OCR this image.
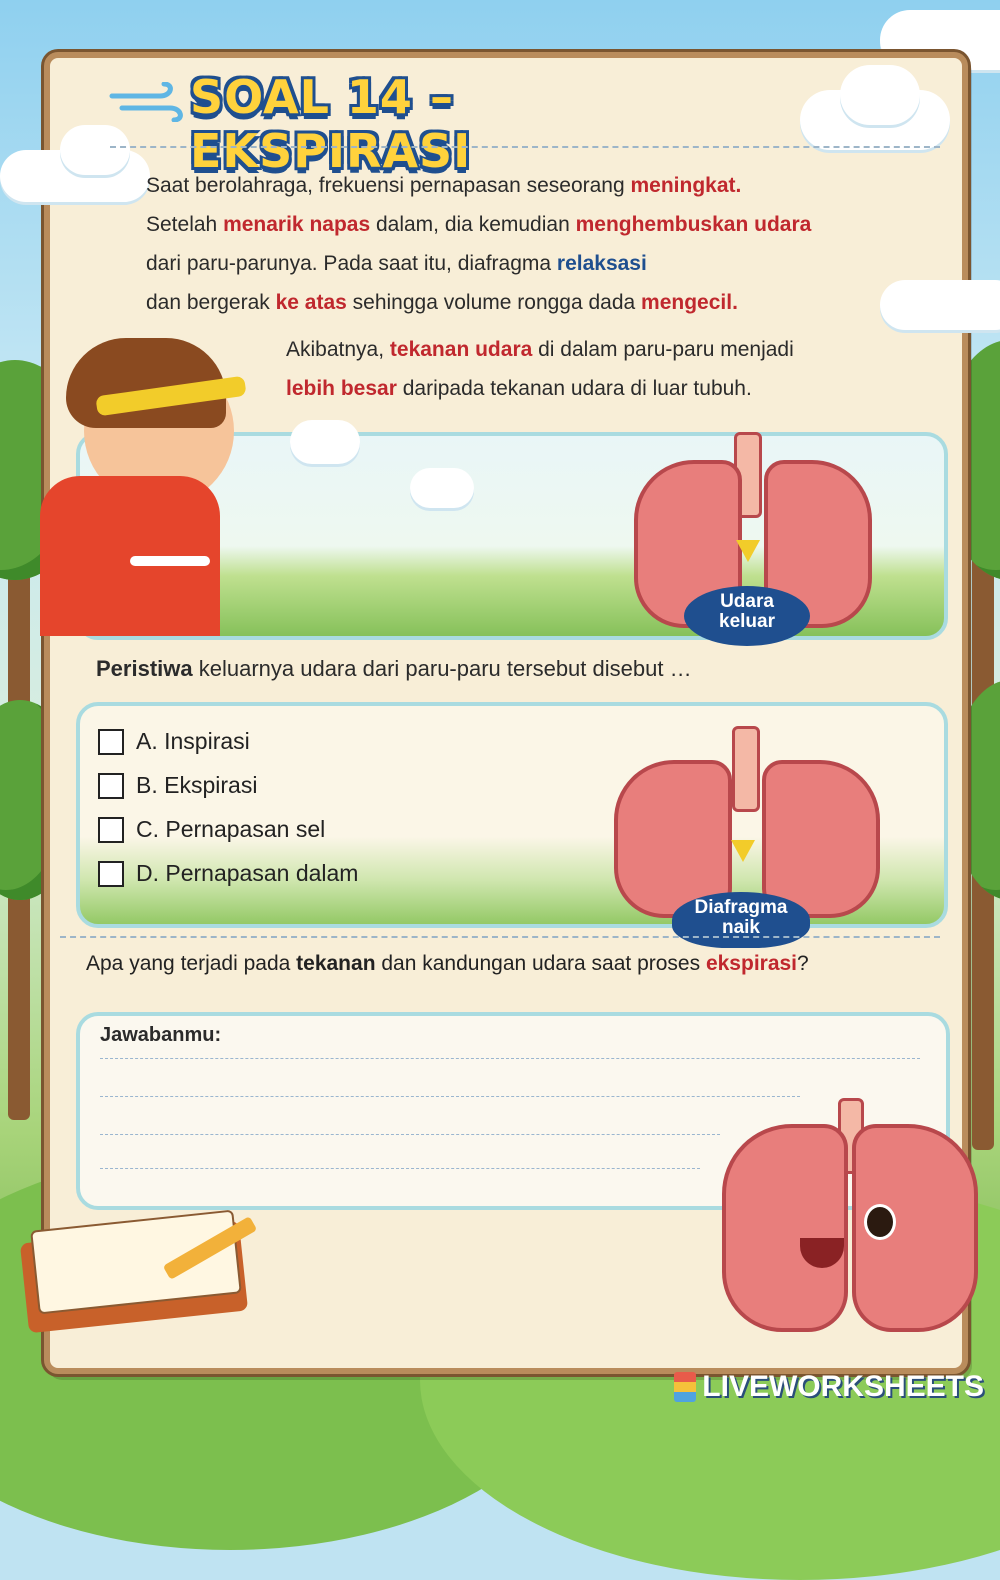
SOAL 14 – EKSPIRASI
Saat berolahraga, frekuensi pernapasan seseorang meningkat.
Setelah menarik napas dalam, dia kemudian menghembuskan udara
dari paru-parunya. Pada saat itu, diafragma relaksasi
dan bergerak ke atas sehingga volume rongga dada mengecil.
Akibatnya, tekanan udara di dalam paru-paru menjadi
lebih besar daripada tekanan udara di luar tubuh.
Udara
keluar
Peristiwa keluarnya udara dari paru-paru tersebut disebut …
A. Inspirasi
B. Ekspirasi
C. Pernapasan sel
D. Pernapasan dalam
Diafragma
naik
Apa yang terjadi pada tekanan dan kandungan udara saat proses ekspirasi?
Jawabanmu:
LIVEWORKSHEETS
